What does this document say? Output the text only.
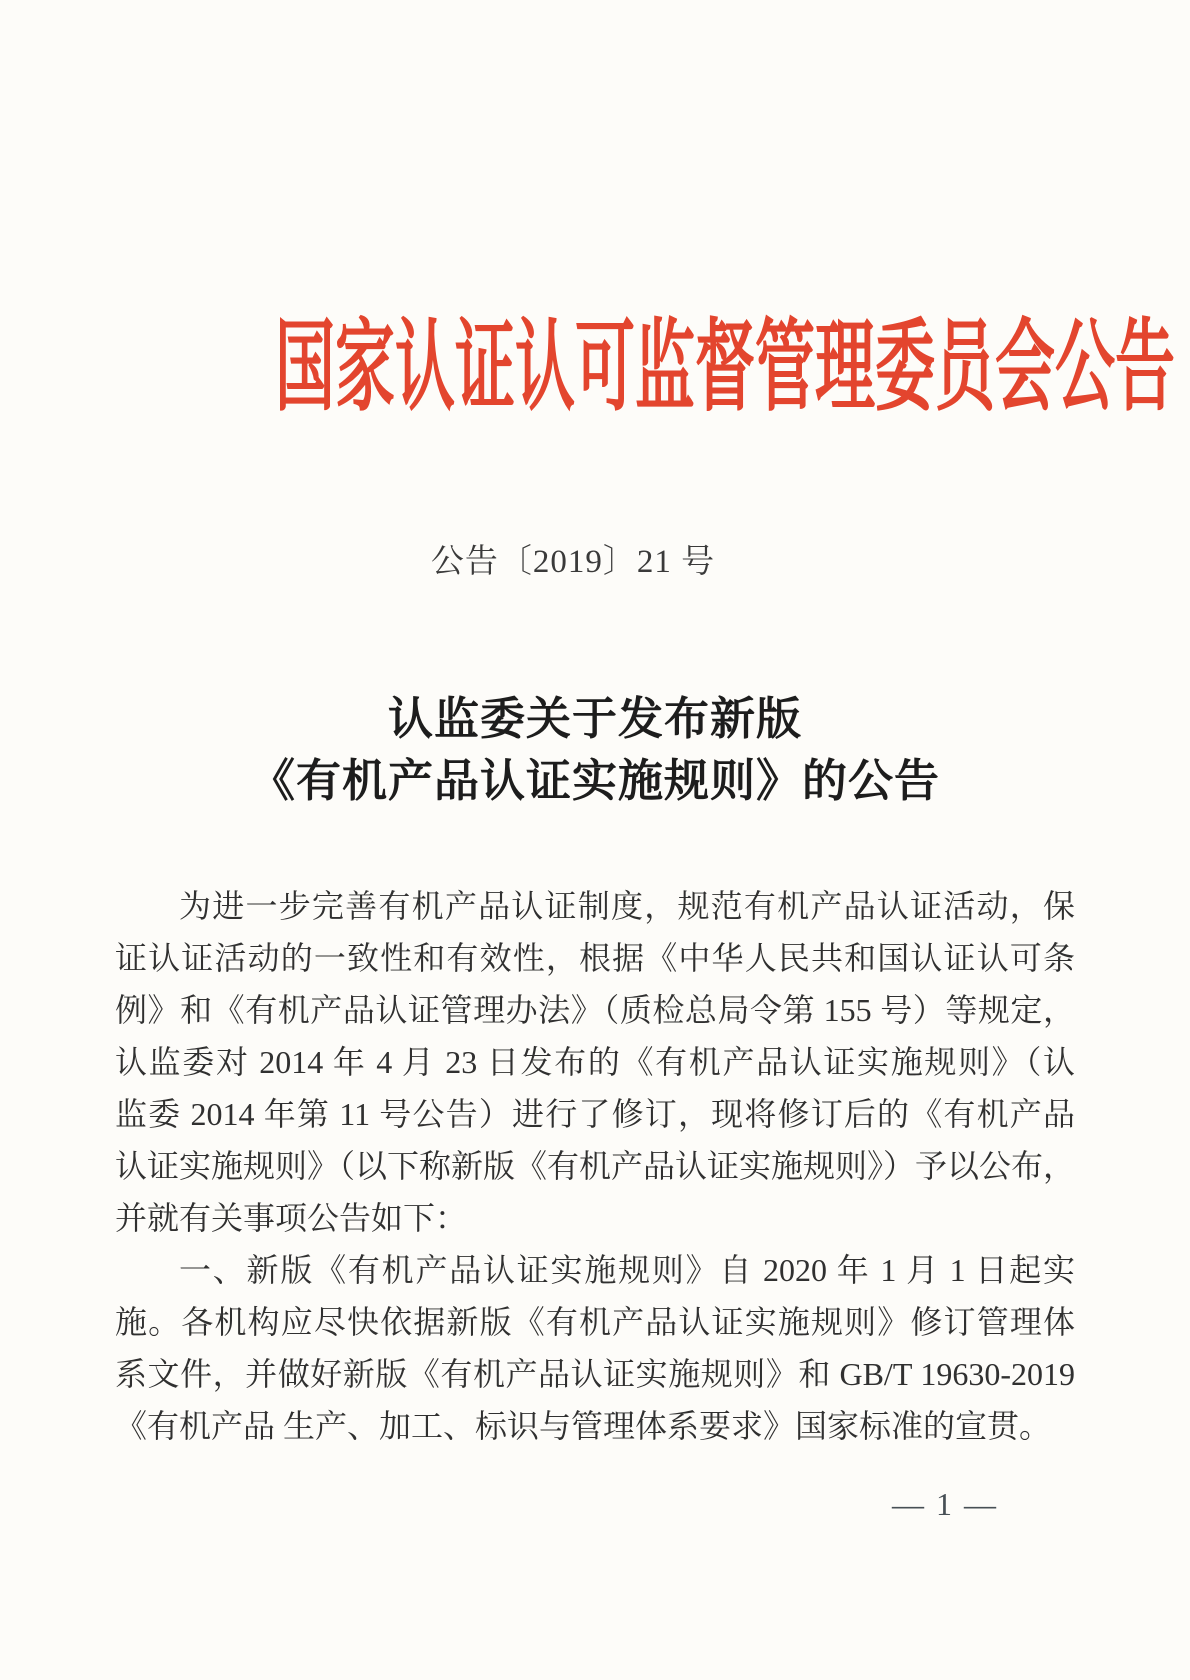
国家认证认可监督管理委员会公告
公告〔2019〕21 号
认监委关于发布新版
《有机产品认证实施规则》的公告
为进一步完善有机产品认证制度，规范有机产品认证活动，保
证认证活动的一致性和有效性，根据《中华人民共和国认证认可条
例》和《有机产品认证管理办法》（质检总局令第 155 号）等规定，
认监委对 2014 年 4 月 23 日发布的《有机产品认证实施规则》（认
监委 2014 年第 11 号公告）进行了修订，现将修订后的《有机产品
认证实施规则》（以下称新版《有机产品认证实施规则》）予以公布，
并就有关事项公告如下：
一、新版《有机产品认证实施规则》自 2020 年 1 月 1 日起实
施。各机构应尽快依据新版《有机产品认证实施规则》修订管理体
系文件，并做好新版《有机产品认证实施规则》和 GB/T 19630-2019
《有机产品 生产、加工、标识与管理体系要求》国家标准的宣贯。
— 1 —
